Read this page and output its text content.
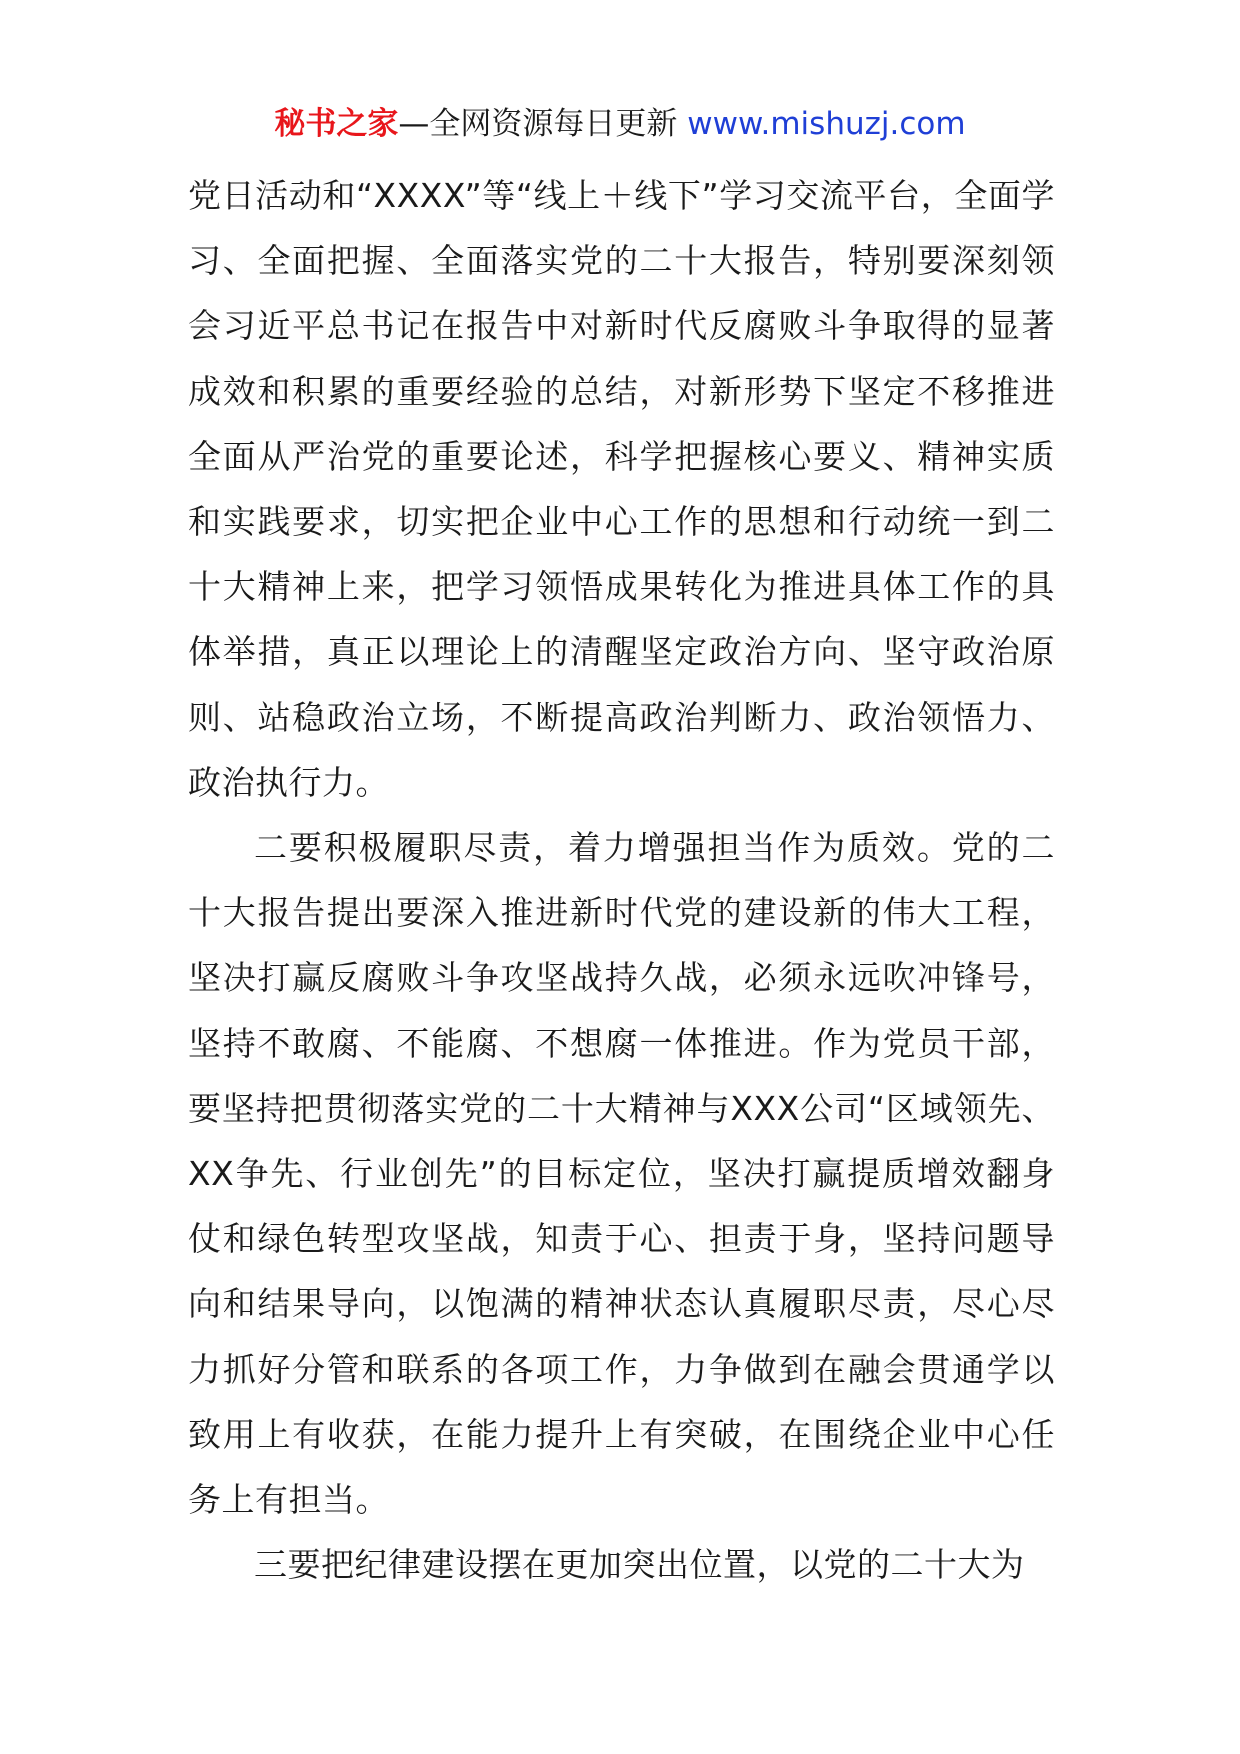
秘书之家—全网资源每日更新 www.mishuzj.com

党日活动和“XXXX”等“线上＋线下”学习交流平台，全面学习、全面把握、全面落实党的二十大报告，特别要深刻领会习近平总书记在报告中对新时代反腐败斗争取得的显著成效和积累的重要经验的总结，对新形势下坚定不移推进全面从严治党的重要论述，科学把握核心要义、精神实质和实践要求，切实把企业中心工作的思想和行动统一到二十大精神上来，把学习领悟成果转化为推进具体工作的具体举措，真正以理论上的清醒坚定政治方向、坚守政治原则、站稳政治立场，不断提高政治判断力、政治领悟力、政治执行力。

二要积极履职尽责，着力增强担当作为质效。党的二十大报告提出要深入推进新时代党的建设新的伟大工程，坚决打赢反腐败斗争攻坚战持久战，必须永远吹冲锋号，坚持不敢腐、不能腐、不想腐一体推进。作为党员干部，要坚持把贯彻落实党的二十大精神与XXX公司“区域领先、XX争先、行业创先”的目标定位，坚决打赢提质增效翻身仗和绿色转型攻坚战，知责于心、担责于身，坚持问题导向和结果导向，以饱满的精神状态认真履职尽责，尽心尽力抓好分管和联系的各项工作，力争做到在融会贯通学以致用上有收获，在能力提升上有突破，在围绕企业中心任务上有担当。

三要把纪律建设摆在更加突出位置，以党的二十大为
